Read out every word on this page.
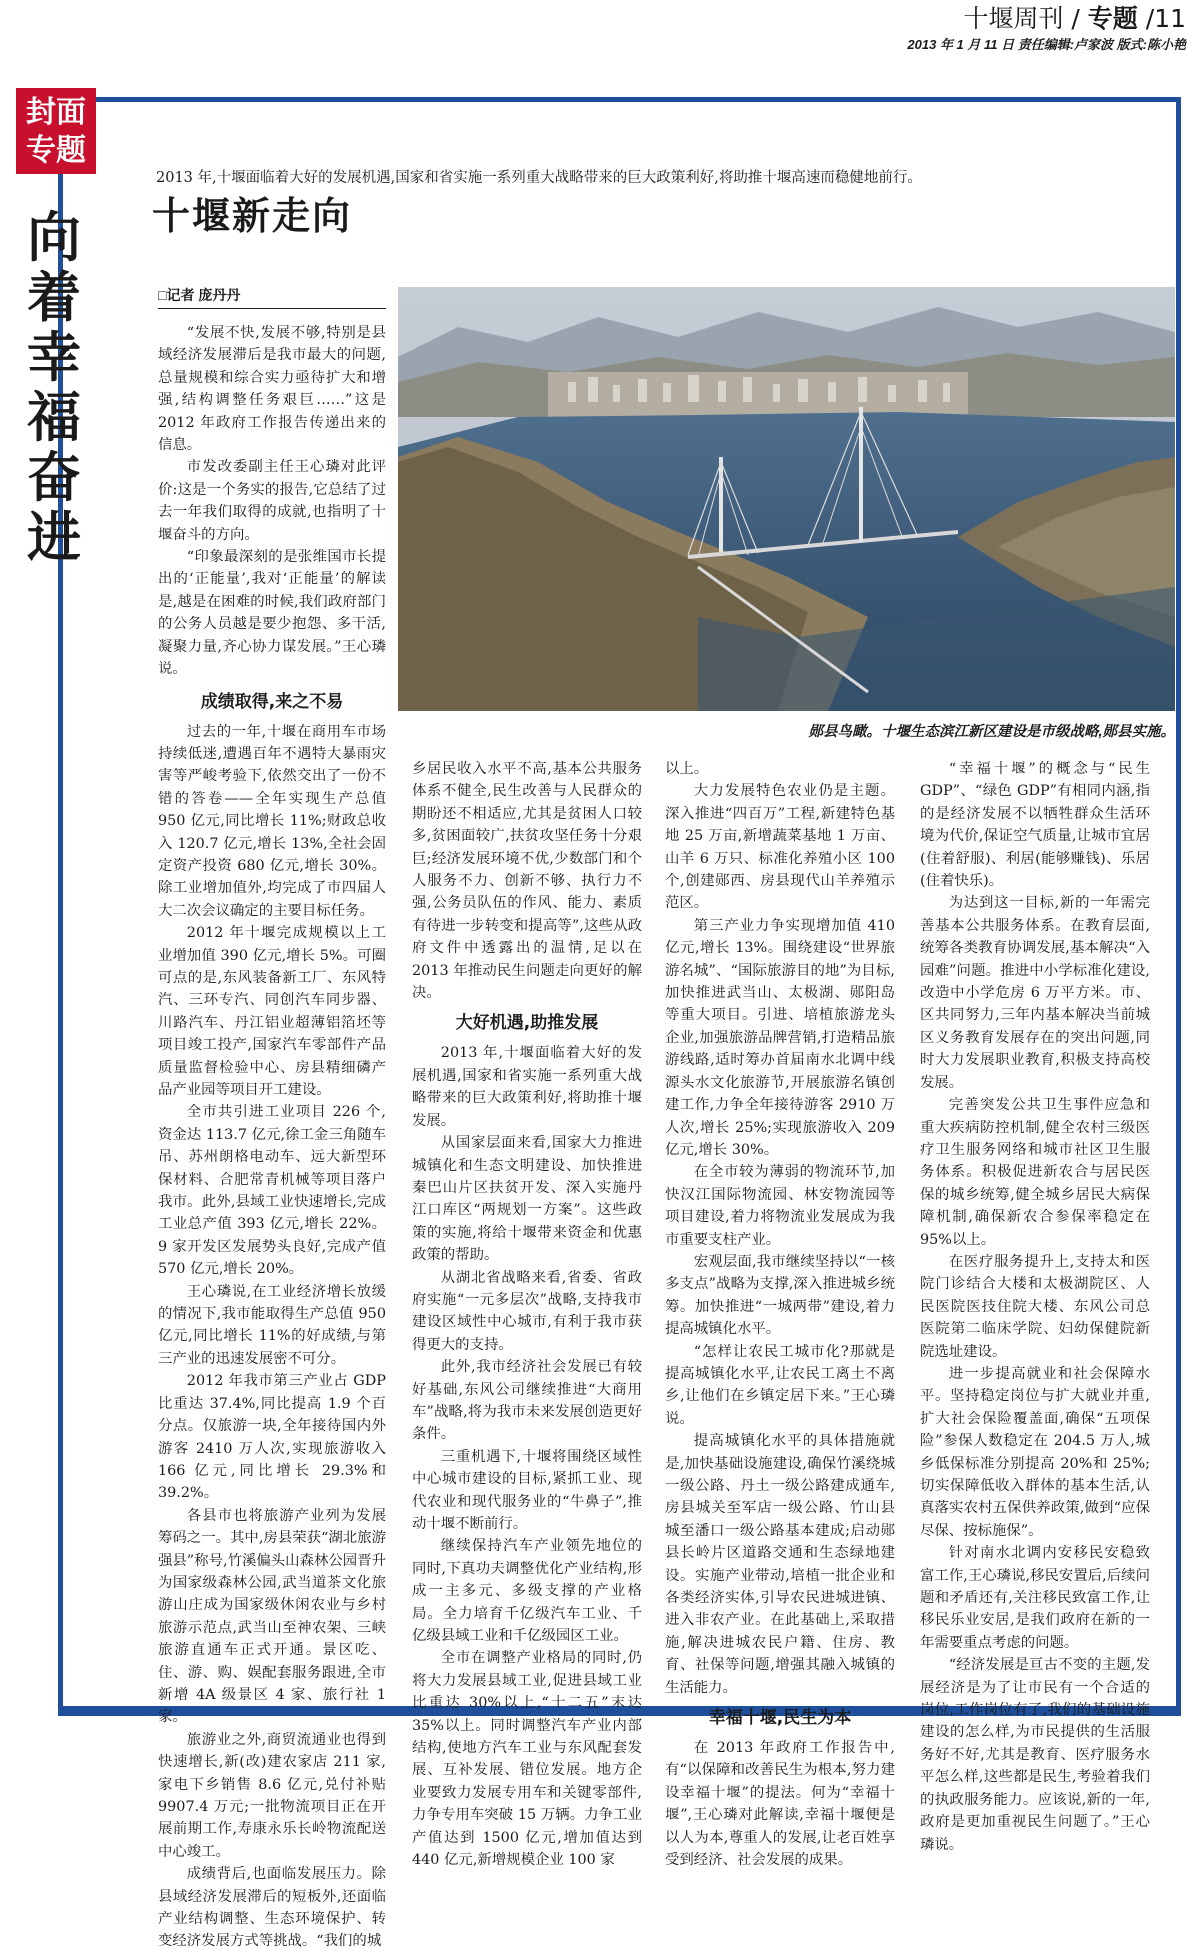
十堰周刊 / 专题 /11
2013 年 1 月 11 日 责任编辑:卢家波 版式:陈小艳
封面
专题
向着幸福奋进
2013 年,十堰面临着大好的发展机遇,国家和省实施一系列重大战略带来的巨大政策利好,将助推十堰高速而稳健地前行。
十堰新走向
□记者 庞丹丹
郧县鸟瞰。十堰生态滨江新区建设是市级战略,郧县实施。

“发展不快,发展不够,特别是县域经济发展滞后是我市最大的问题,总量规模和综合实力亟待扩大和增强,结构调整任务艰巨……”这是 2012 年政府工作报告传递出来的信息。

市发改委副主任王心璘对此评价:这是一个务实的报告,它总结了过去一年我们取得的成就,也指明了十堰奋斗的方向。

“印象最深刻的是张维国市长提出的‘正能量’,我对‘正能量’的解读是,越是在困难的时候,我们政府部门的公务人员越是要少抱怨、多干活,凝聚力量,齐心协力谋发展。”王心璘说。

成绩取得,来之不易

过去的一年,十堰在商用车市场持续低迷,遭遇百年不遇特大暴雨灾害等严峻考验下,依然交出了一份不错的答卷——全年实现生产总值 950 亿元,同比增长 11%;财政总收入 120.7 亿元,增长 13%,全社会固定资产投资 680 亿元,增长 30%。除工业增加值外,均完成了市四届人大二次会议确定的主要目标任务。

2012 年十堰完成规模以上工业增加值 390 亿元,增长 5%。可圈可点的是,东风装备新工厂、东风特汽、三环专汽、同创汽车同步器、川路汽车、丹江铝业超薄铝箔坯等项目竣工投产,国家汽车零部件产品质量监督检验中心、房县精细磷产品产业园等项目开工建设。

全市共引进工业项目 226 个,资金达 113.7 亿元,徐工金三角随车吊、苏州朗格电动车、远大新型环保材料、合肥常青机械等项目落户我市。此外,县域工业快速增长,完成工业总产值 393 亿元,增长 22%。9 家开发区发展势头良好,完成产值 570 亿元,增长 20%。

王心璘说,在工业经济增长放缓的情况下,我市能取得生产总值 950 亿元,同比增长 11%的好成绩,与第三产业的迅速发展密不可分。

2012 年我市第三产业占 GDP 比重达 37.4%,同比提高 1.9 个百分点。仅旅游一块,全年接待国内外游客 2410 万人次,实现旅游收入 166 亿元,同比增长 29.3%和 39.2%。

各县市也将旅游产业列为发展筹码之一。其中,房县荣获“湖北旅游强县”称号,竹溪偏头山森林公园晋升为国家级森林公园,武当道茶文化旅游山庄成为国家级休闲农业与乡村旅游示范点,武当山至神农架、三峡旅游直通车正式开通。景区吃、住、游、购、娱配套服务跟进,全市新增 4A 级景区 4 家、旅行社 1 家。

旅游业之外,商贸流通业也得到快速增长,新(改)建农家店 211 家,家电下乡销售 8.6 亿元,兑付补贴 9907.4 万元;一批物流项目正在开展前期工作,寿康永乐长岭物流配送中心竣工。

成绩背后,也面临发展压力。除县域经济发展滞后的短板外,还面临产业结构调整、生态环境保护、转变经济发展方式等挑战。“我们的城

乡居民收入水平不高,基本公共服务体系不健全,民生改善与人民群众的期盼还不相适应,尤其是贫困人口较多,贫困面较广,扶贫攻坚任务十分艰巨;经济发展环境不优,少数部门和个人服务不力、创新不够、执行力不强,公务员队伍的作风、能力、素质有待进一步转变和提高等”,这些从政府文件中透露出的温情,足以在 2013 年推动民生问题走向更好的解决。

大好机遇,助推发展

2013 年,十堰面临着大好的发展机遇,国家和省实施一系列重大战略带来的巨大政策利好,将助推十堰发展。

从国家层面来看,国家大力推进城镇化和生态文明建设、加快推进秦巴山片区扶贫开发、深入实施丹江口库区“两规划一方案”。这些政策的实施,将给十堰带来资金和优惠政策的帮助。

从湖北省战略来看,省委、省政府实施“一元多层次”战略,支持我市建设区域性中心城市,有利于我市获得更大的支持。

此外,我市经济社会发展已有较好基础,东风公司继续推进“大商用车”战略,将为我市未来发展创造更好条件。

三重机遇下,十堰将围绕区域性中心城市建设的目标,紧抓工业、现代农业和现代服务业的“牛鼻子”,推动十堰不断前行。

继续保持汽车产业领先地位的同时,下真功夫调整优化产业结构,形成一主多元、多级支撑的产业格局。全力培育千亿级汽车工业、千亿级县域工业和千亿级园区工业。

全市在调整产业格局的同时,仍将大力发展县域工业,促进县域工业比重达 30%以上,“十二五”末达 35%以上。同时调整汽车产业内部结构,使地方汽车工业与东风配套发展、互补发展、错位发展。地方企业要致力发展专用车和关键零部件,力争专用车突破 15 万辆。力争工业产值达到 1500 亿元,增加值达到 440 亿元,新增规模企业 100 家

以上。

大力发展特色农业仍是主题。深入推进“四百万”工程,新建特色基地 25 万亩,新增蔬菜基地 1 万亩、山羊 6 万只、标准化养殖小区 100 个,创建郧西、房县现代山羊养殖示范区。

第三产业力争实现增加值 410 亿元,增长 13%。围绕建设“世界旅游名城”、“国际旅游目的地”为目标,加快推进武当山、太极湖、郧阳岛等重大项目。引进、培植旅游龙头企业,加强旅游品牌营销,打造精品旅游线路,适时筹办首届南水北调中线源头水文化旅游节,开展旅游名镇创建工作,力争全年接待游客 2910 万人次,增长 25%;实现旅游收入 209 亿元,增长 30%。

在全市较为薄弱的物流环节,加快汉江国际物流园、林安物流园等项目建设,着力将物流业发展成为我市重要支柱产业。

宏观层面,我市继续坚持以“一核多支点”战略为支撑,深入推进城乡统筹。加快推进“一城两带”建设,着力提高城镇化水平。

“怎样让农民工城市化?那就是提高城镇化水平,让农民工离土不离乡,让他们在乡镇定居下来。”王心璘说。

提高城镇化水平的具体措施就是,加快基础设施建设,确保竹溪绕城一级公路、丹土一级公路建成通车,房县城关至军店一级公路、竹山县城至潘口一级公路基本建成;启动郧县长岭片区道路交通和生态绿地建设。实施产业带动,培植一批企业和各类经济实体,引导农民进城进镇、进入非农产业。在此基础上,采取措施,解决进城农民户籍、住房、教育、社保等问题,增强其融入城镇的生活能力。

幸福十堰,民生为本

在 2013 年政府工作报告中,有“以保障和改善民生为根本,努力建设幸福十堰”的提法。何为“幸福十堰”,王心璘对此解读,幸福十堰便是以人为本,尊重人的发展,让老百姓享受到经济、社会发展的成果。

“幸福十堰”的概念与“民生 GDP”、“绿色 GDP”有相同内涵,指的是经济发展不以牺牲群众生活环境为代价,保证空气质量,让城市宜居(住着舒服)、利居(能够赚钱)、乐居(住着快乐)。

为达到这一目标,新的一年需完善基本公共服务体系。在教育层面,统筹各类教育协调发展,基本解决“入园难”问题。推进中小学标准化建设,改造中小学危房 6 万平方米。市、区共同努力,三年内基本解决当前城区义务教育发展存在的突出问题,同时大力发展职业教育,积极支持高校发展。

完善突发公共卫生事件应急和重大疾病防控机制,健全农村三级医疗卫生服务网络和城市社区卫生服务体系。积极促进新农合与居民医保的城乡统筹,健全城乡居民大病保障机制,确保新农合参保率稳定在 95%以上。

在医疗服务提升上,支持太和医院门诊结合大楼和太极湖院区、人民医院医技住院大楼、东风公司总医院第二临床学院、妇幼保健院新院选址建设。

进一步提高就业和社会保障水平。坚持稳定岗位与扩大就业并重,扩大社会保险覆盖面,确保“五项保险”参保人数稳定在 204.5 万人,城乡低保标准分别提高 20%和 25%;切实保障低收入群体的基本生活,认真落实农村五保供养政策,做到“应保尽保、按标施保”。

针对南水北调内安移民安稳致富工作,王心璘说,移民安置后,后续问题和矛盾还有,关注移民致富工作,让移民乐业安居,是我们政府在新的一年需要重点考虑的问题。

“经济发展是亘古不变的主题,发展经济是为了让市民有一个合适的岗位,工作岗位有了,我们的基础设施建设的怎么样,为市民提供的生活服务好不好,尤其是教育、医疗服务水平怎么样,这些都是民生,考验着我们的执政服务能力。应该说,新的一年,政府是更加重视民生问题了。”王心璘说。
